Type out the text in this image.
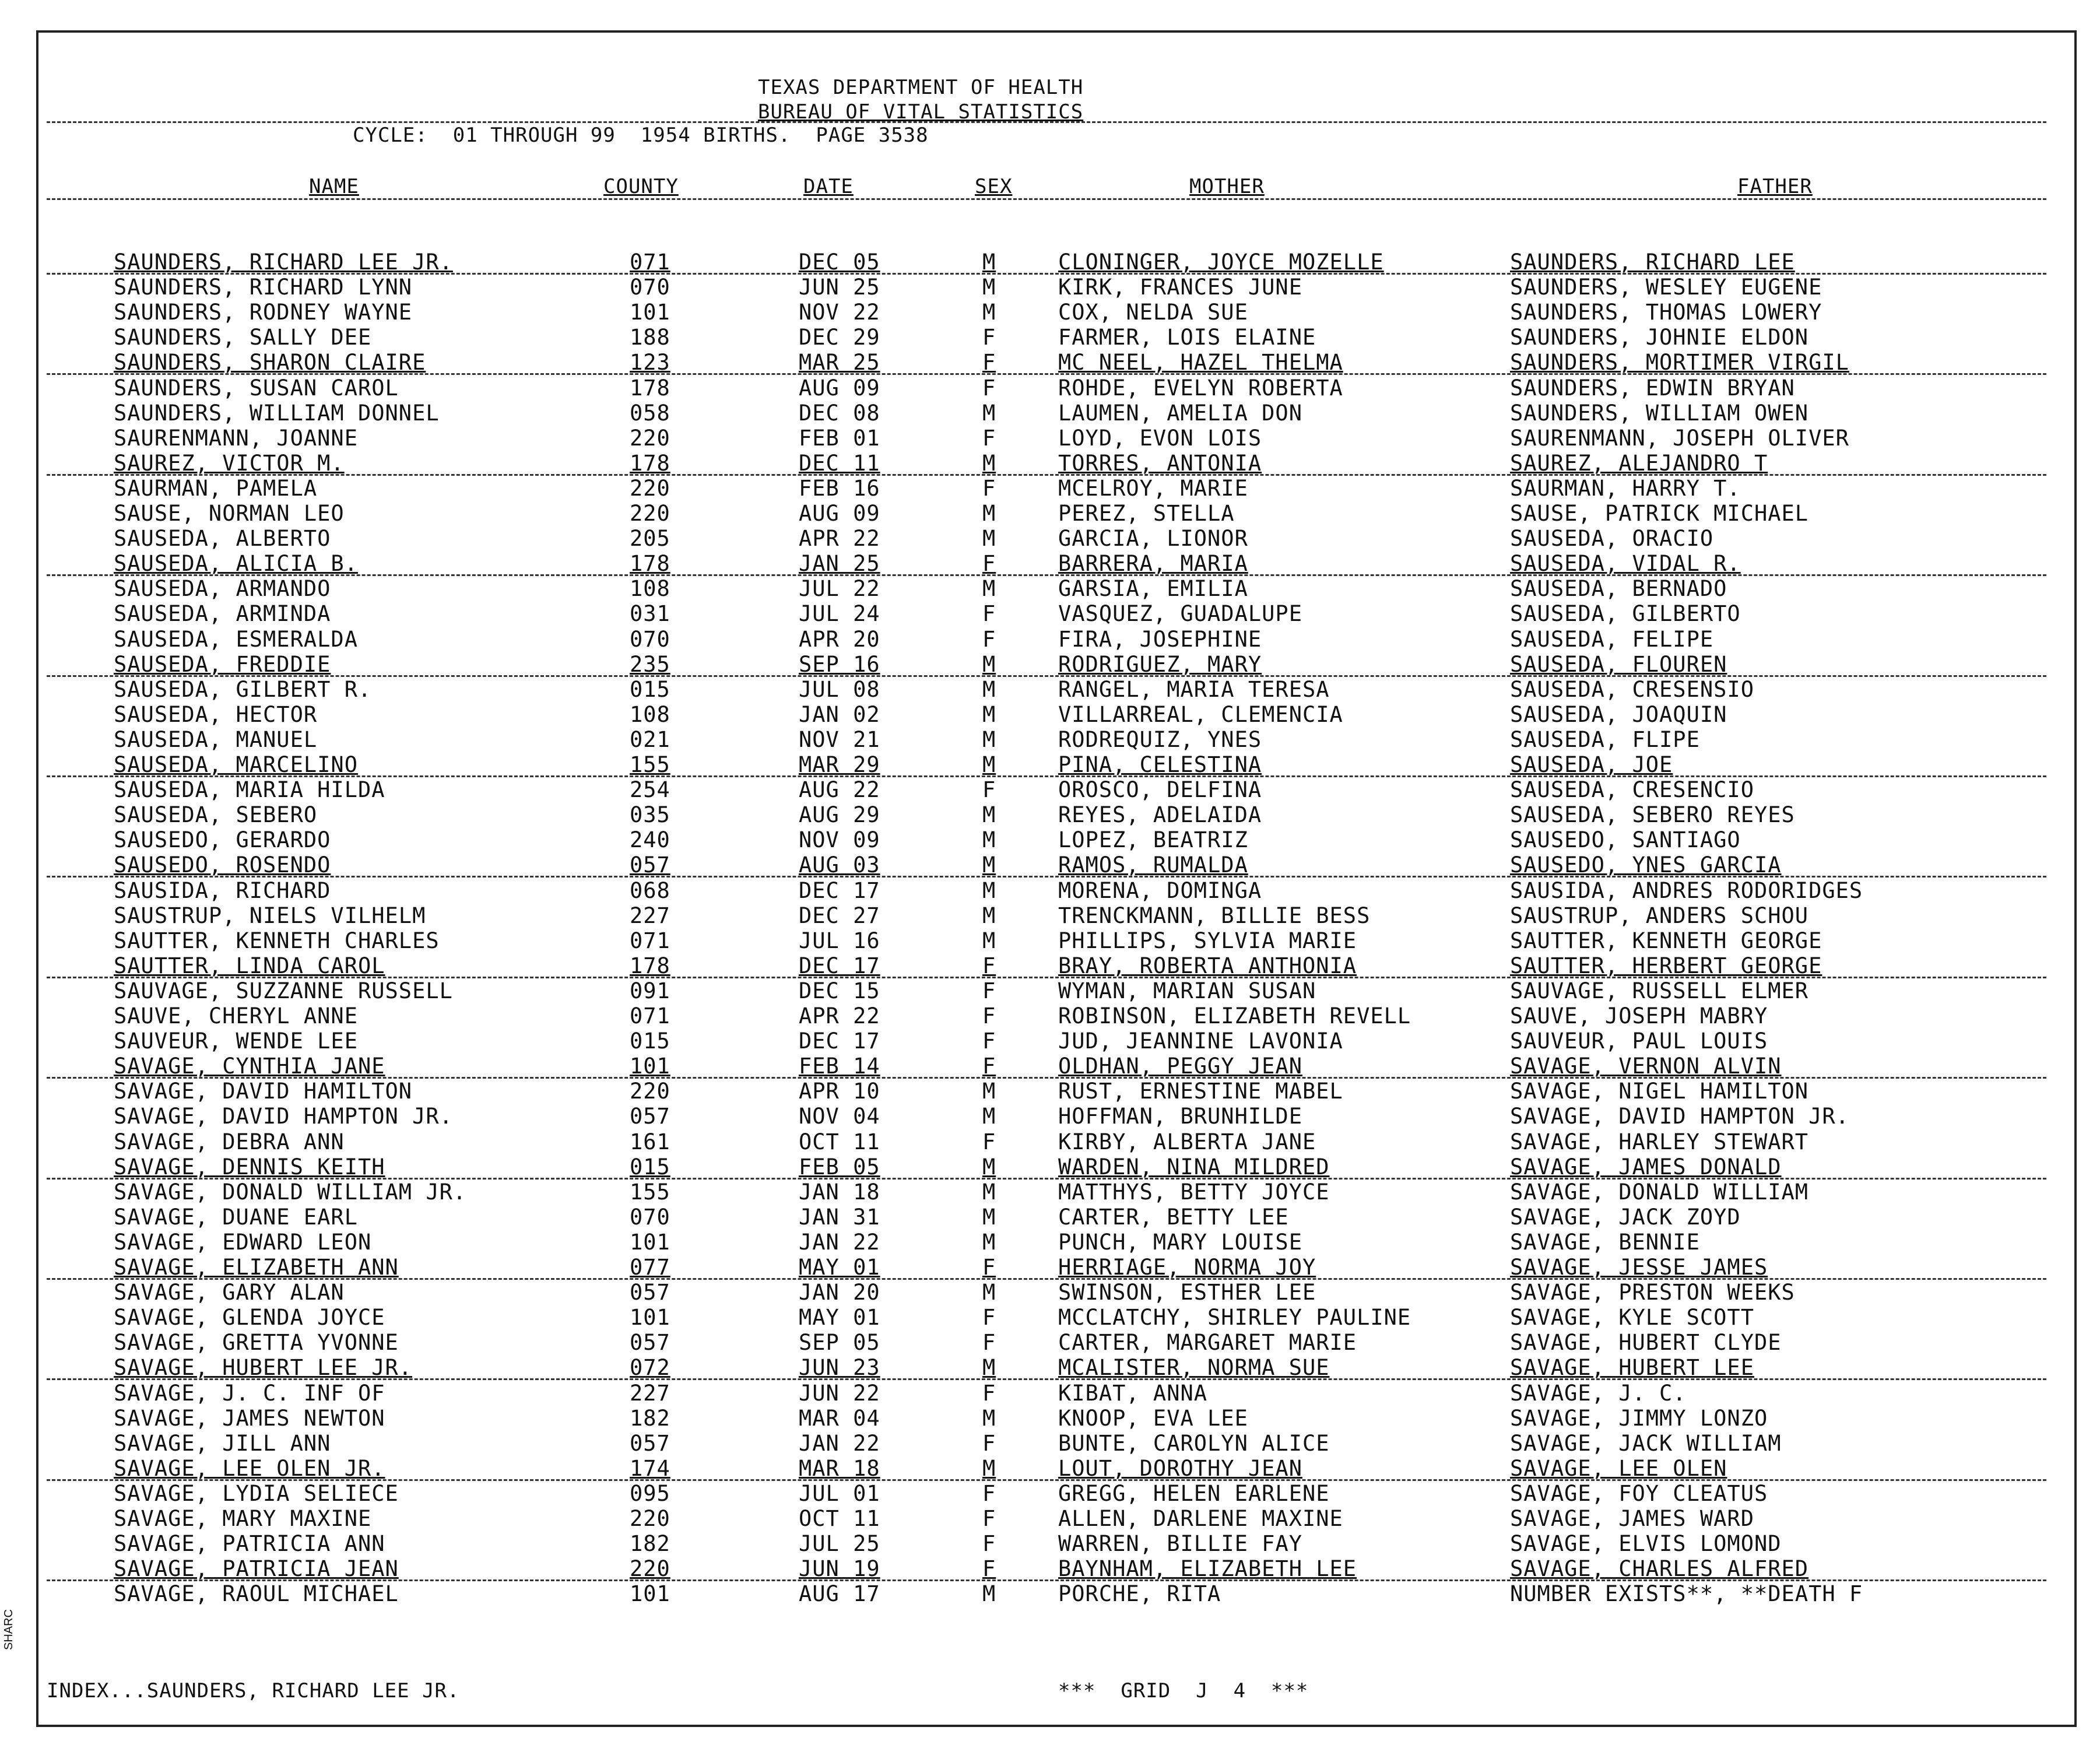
TEXAS DEPARTMENT OF HEALTH
BUREAU OF VITAL STATISTICS
CYCLE:  01 THROUGH 99  1954 BIRTHS.  PAGE 3538
NAME	COUNTY	DATE	SEX	MOTHER	FATHER
SAUNDERS, RICHARD LEE JR.	071	DEC 05	M	CLONINGER, JOYCE MOZELLE	SAUNDERS, RICHARD LEE
SAUNDERS, RICHARD LYNN	070	JUN 25	M	KIRK, FRANCES JUNE	SAUNDERS, WESLEY EUGENE
SAUNDERS, RODNEY WAYNE	101	NOV 22	M	COX, NELDA SUE	SAUNDERS, THOMAS LOWERY
SAUNDERS, SALLY DEE	188	DEC 29	F	FARMER, LOIS ELAINE	SAUNDERS, JOHNIE ELDON
SAUNDERS, SHARON CLAIRE	123	MAR 25	F	MC NEEL, HAZEL THELMA	SAUNDERS, MORTIMER VIRGIL
SAUNDERS, SUSAN CAROL	178	AUG 09	F	ROHDE, EVELYN ROBERTA	SAUNDERS, EDWIN BRYAN
SAUNDERS, WILLIAM DONNEL	058	DEC 08	M	LAUMEN, AMELIA DON	SAUNDERS, WILLIAM OWEN
SAURENMANN, JOANNE	220	FEB 01	F	LOYD, EVON LOIS	SAURENMANN, JOSEPH OLIVER
SAUREZ, VICTOR M.	178	DEC 11	M	TORRES, ANTONIA	SAUREZ, ALEJANDRO T
SAURMAN, PAMELA	220	FEB 16	F	MCELROY, MARIE	SAURMAN, HARRY T.
SAUSE, NORMAN LEO	220	AUG 09	M	PEREZ, STELLA	SAUSE, PATRICK MICHAEL
SAUSEDA, ALBERTO	205	APR 22	M	GARCIA, LIONOR	SAUSEDA, ORACIO
SAUSEDA, ALICIA B.	178	JAN 25	F	BARRERA, MARIA	SAUSEDA, VIDAL R.
SAUSEDA, ARMANDO	108	JUL 22	M	GARSIA, EMILIA	SAUSEDA, BERNADO
SAUSEDA, ARMINDA	031	JUL 24	F	VASQUEZ, GUADALUPE	SAUSEDA, GILBERTO
SAUSEDA, ESMERALDA	070	APR 20	F	FIRA, JOSEPHINE	SAUSEDA, FELIPE
SAUSEDA, FREDDIE	235	SEP 16	M	RODRIGUEZ, MARY	SAUSEDA, FLOUREN
SAUSEDA, GILBERT R.	015	JUL 08	M	RANGEL, MARIA TERESA	SAUSEDA, CRESENSIO
SAUSEDA, HECTOR	108	JAN 02	M	VILLARREAL, CLEMENCIA	SAUSEDA, JOAQUIN
SAUSEDA, MANUEL	021	NOV 21	M	RODREQUIZ, YNES	SAUSEDA, FLIPE
SAUSEDA, MARCELINO	155	MAR 29	M	PINA, CELESTINA	SAUSEDA, JOE
SAUSEDA, MARIA HILDA	254	AUG 22	F	OROSCO, DELFINA	SAUSEDA, CRESENCIO
SAUSEDA, SEBERO	035	AUG 29	M	REYES, ADELAIDA	SAUSEDA, SEBERO REYES
SAUSEDO, GERARDO	240	NOV 09	M	LOPEZ, BEATRIZ	SAUSEDO, SANTIAGO
SAUSEDO, ROSENDO	057	AUG 03	M	RAMOS, RUMALDA	SAUSEDO, YNES GARCIA
SAUSIDA, RICHARD	068	DEC 17	M	MORENA, DOMINGA	SAUSIDA, ANDRES RODORIDGES
SAUSTRUP, NIELS VILHELM	227	DEC 27	M	TRENCKMANN, BILLIE BESS	SAUSTRUP, ANDERS SCHOU
SAUTTER, KENNETH CHARLES	071	JUL 16	M	PHILLIPS, SYLVIA MARIE	SAUTTER, KENNETH GEORGE
SAUTTER, LINDA CAROL	178	DEC 17	F	BRAY, ROBERTA ANTHONIA	SAUTTER, HERBERT GEORGE
SAUVAGE, SUZZANNE RUSSELL	091	DEC 15	F	WYMAN, MARIAN SUSAN	SAUVAGE, RUSSELL ELMER
SAUVE, CHERYL ANNE	071	APR 22	F	ROBINSON, ELIZABETH REVELL	SAUVE, JOSEPH MABRY
SAUVEUR, WENDE LEE	015	DEC 17	F	JUD, JEANNINE LAVONIA	SAUVEUR, PAUL LOUIS
SAVAGE, CYNTHIA JANE	101	FEB 14	F	OLDHAN, PEGGY JEAN	SAVAGE, VERNON ALVIN
SAVAGE, DAVID HAMILTON	220	APR 10	M	RUST, ERNESTINE MABEL	SAVAGE, NIGEL HAMILTON
SAVAGE, DAVID HAMPTON JR.	057	NOV 04	M	HOFFMAN, BRUNHILDE	SAVAGE, DAVID HAMPTON JR.
SAVAGE, DEBRA ANN	161	OCT 11	F	KIRBY, ALBERTA JANE	SAVAGE, HARLEY STEWART
SAVAGE, DENNIS KEITH	015	FEB 05	M	WARDEN, NINA MILDRED	SAVAGE, JAMES DONALD
SAVAGE, DONALD WILLIAM JR.	155	JAN 18	M	MATTHYS, BETTY JOYCE	SAVAGE, DONALD WILLIAM
SAVAGE, DUANE EARL	070	JAN 31	M	CARTER, BETTY LEE	SAVAGE, JACK ZOYD
SAVAGE, EDWARD LEON	101	JAN 22	M	PUNCH, MARY LOUISE	SAVAGE, BENNIE
SAVAGE, ELIZABETH ANN	077	MAY 01	F	HERRIAGE, NORMA JOY	SAVAGE, JESSE JAMES
SAVAGE, GARY ALAN	057	JAN 20	M	SWINSON, ESTHER LEE	SAVAGE, PRESTON WEEKS
SAVAGE, GLENDA JOYCE	101	MAY 01	F	MCCLATCHY, SHIRLEY PAULINE	SAVAGE, KYLE SCOTT
SAVAGE, GRETTA YVONNE	057	SEP 05	F	CARTER, MARGARET MARIE	SAVAGE, HUBERT CLYDE
SAVAGE, HUBERT LEE JR.	072	JUN 23	M	MCALISTER, NORMA SUE	SAVAGE, HUBERT LEE
SAVAGE, J. C. INF OF	227	JUN 22	F	KIBAT, ANNA	SAVAGE, J. C.
SAVAGE, JAMES NEWTON	182	MAR 04	M	KNOOP, EVA LEE	SAVAGE, JIMMY LONZO
SAVAGE, JILL ANN	057	JAN 22	F	BUNTE, CAROLYN ALICE	SAVAGE, JACK WILLIAM
SAVAGE, LEE OLEN JR.	174	MAR 18	M	LOUT, DOROTHY JEAN	SAVAGE, LEE OLEN
SAVAGE, LYDIA SELIECE	095	JUL 01	F	GREGG, HELEN EARLENE	SAVAGE, FOY CLEATUS
SAVAGE, MARY MAXINE	220	OCT 11	F	ALLEN, DARLENE MAXINE	SAVAGE, JAMES WARD
SAVAGE, PATRICIA ANN	182	JUL 25	F	WARREN, BILLIE FAY	SAVAGE, ELVIS LOMOND
SAVAGE, PATRICIA JEAN	220	JUN 19	F	BAYNHAM, ELIZABETH LEE	SAVAGE, CHARLES ALFRED
SAVAGE, RAOUL MICHAEL	101	AUG 17	M	PORCHE, RITA	NUMBER EXISTS**, **DEATH F
INDEX...SAUNDERS, RICHARD LEE JR.	***  GRID  J  4  ***
SHARC
